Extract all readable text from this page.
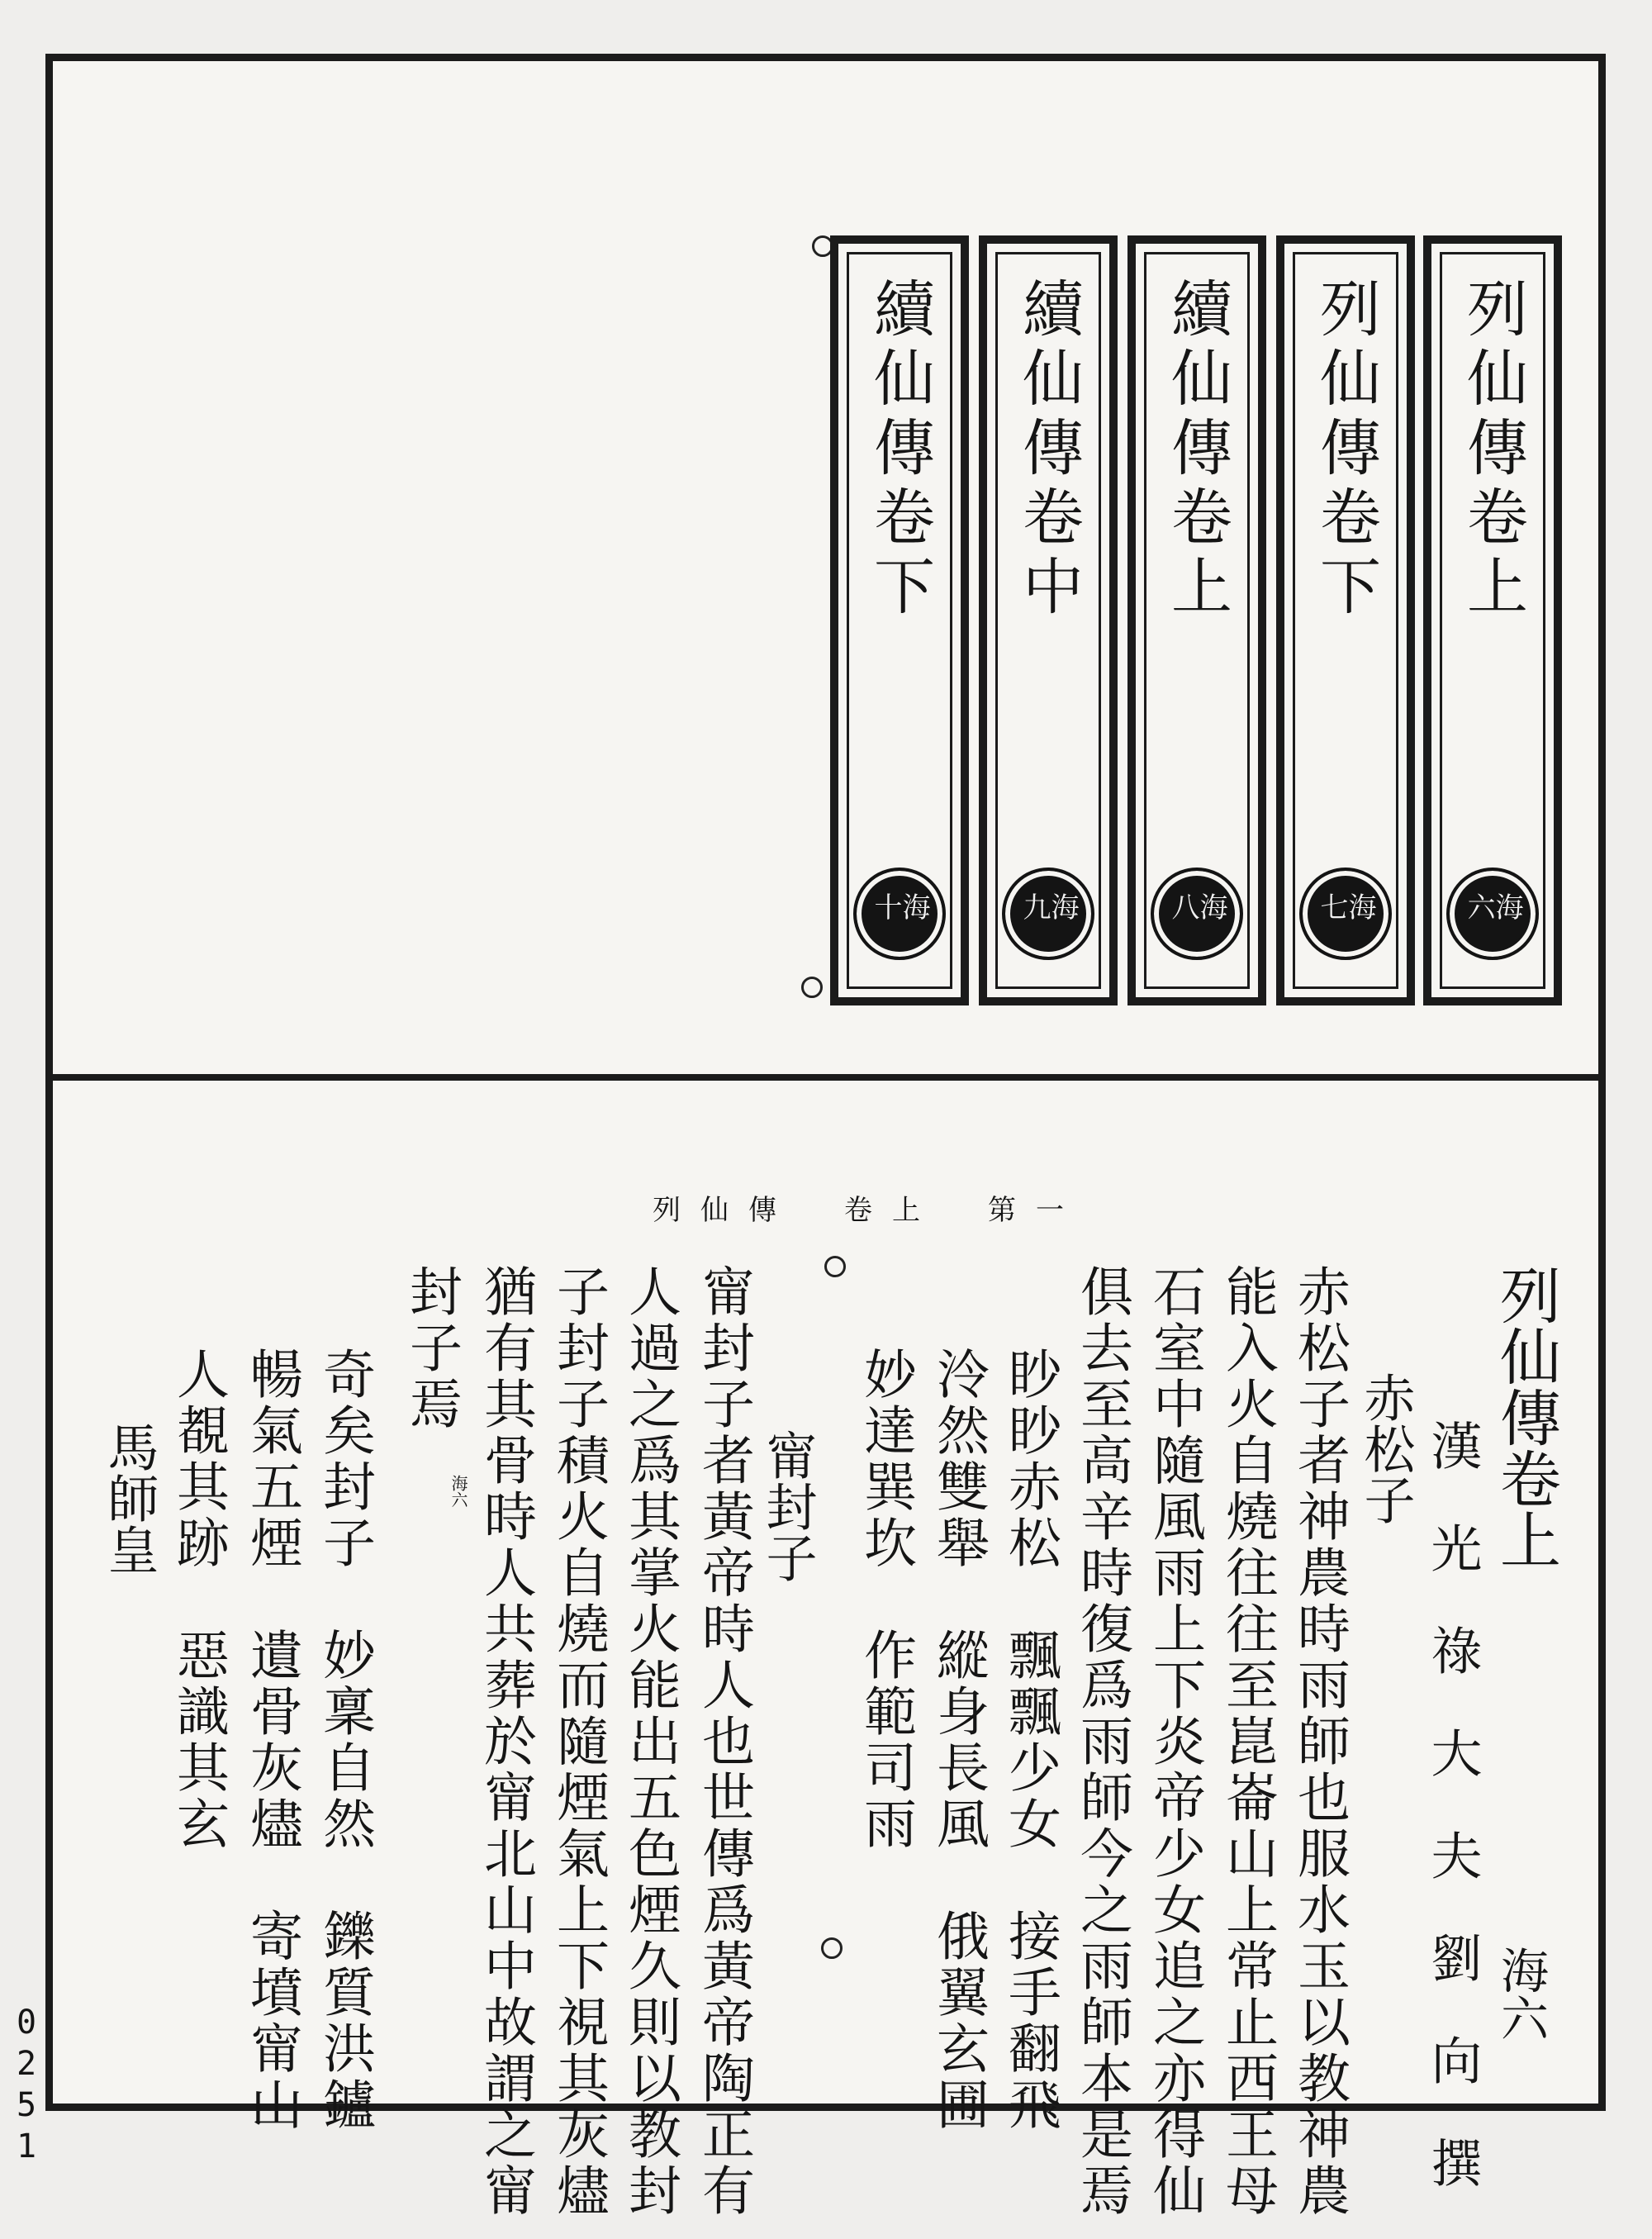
列仙傳卷上
海六
列仙傳卷下
海七
續仙傳卷上
海八
續仙傳卷中
海九
續仙傳卷下
海十
列仙傳　卷上　第一
列仙傳卷上
海六
漢光祿大夫劉向撰
赤松子
赤松子者神農時雨師也服水玉以教神農
能入火自燒往往至崑崙山上常止西王母
石室中隨風雨上下炎帝少女追之亦得仙
俱去至高辛時復爲雨師今之雨師本是焉
眇眇赤松　飄飄少女　接手翻飛
泠然雙舉　縱身長風　俄翼玄圃
妙達巽坎　作範司雨
甯封子
甯封子者黃帝時人也世傳爲黃帝陶正有
人過之爲其掌火能出五色煙久則以教封
子封子積火自燒而隨煙氣上下視其灰燼
猶有其骨時人共葬於甯北山中故謂之甯
封子焉
海六
奇矣封子　妙稟自然　鑠質洪鑪
暢氣五煙　遺骨灰燼　寄墳甯山
人覩其跡　惡識其玄
馬師皇
0251
